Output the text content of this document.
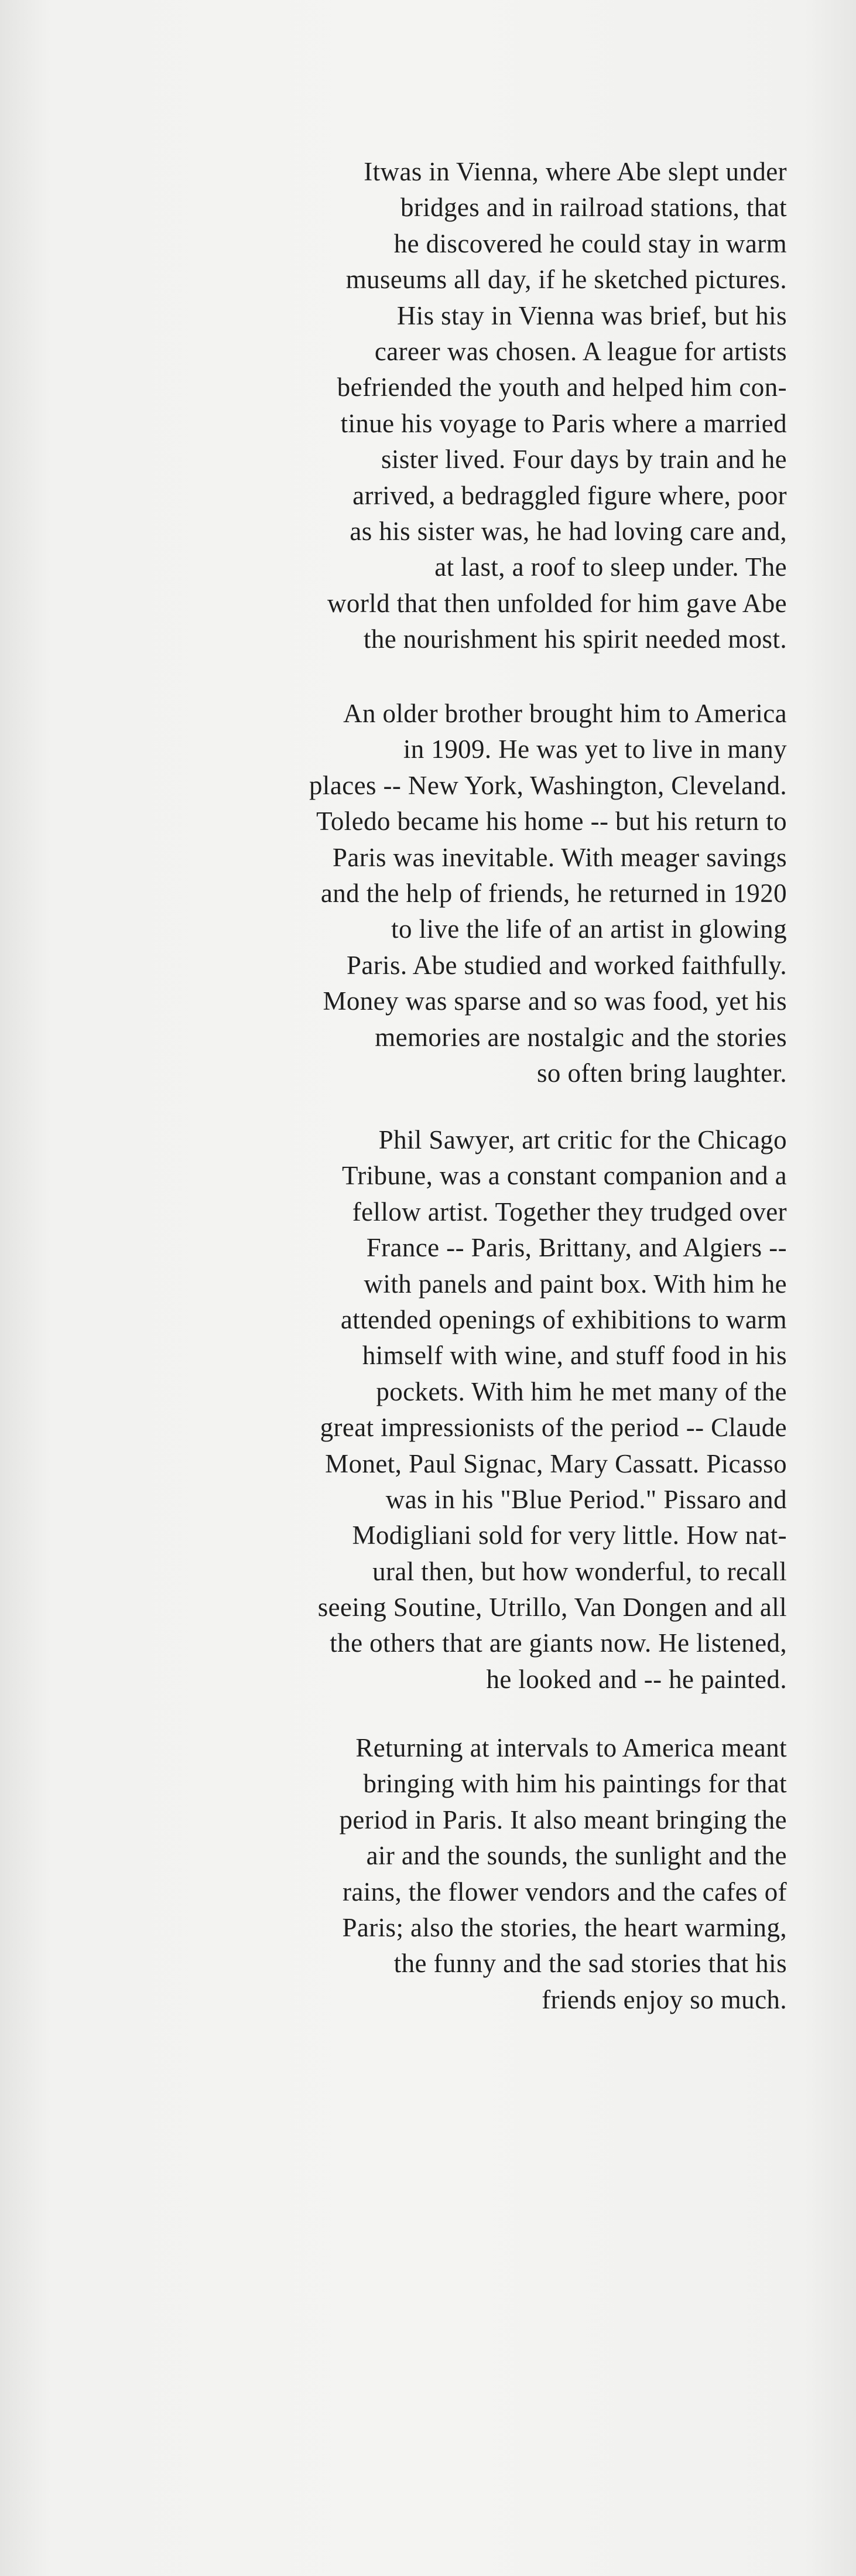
Itwas in Vienna, where Abe slept under
bridges and in railroad stations, that
he discovered he could stay in warm
museums all day, if he sketched pictures.
His stay in Vienna was brief, but his
career was chosen. A league for artists
befriended the youth and helped him con-
tinue his voyage to Paris where a married
sister lived. Four days by train and he
arrived, a bedraggled figure where, poor
as his sister was, he had loving care and,
at last, a roof to sleep under. The
world that then unfolded for him gave Abe
the nourishment his spirit needed most.

An older brother brought him to America
in 1909. He was yet to live in many
places -- New York, Washington, Cleveland.
Toledo became his home -- but his return to
Paris was inevitable. With meager savings
and the help of friends, he returned in 1920
to live the life of an artist in glowing
Paris. Abe studied and worked faithfully.
Money was sparse and so was food, yet his
memories are nostalgic and the stories
so often bring laughter.

Phil Sawyer, art critic for the Chicago
Tribune, was a constant companion and a
fellow artist. Together they trudged over
France -- Paris, Brittany, and Algiers --
with panels and paint box. With him he
attended openings of exhibitions to warm
himself with wine, and stuff food in his
pockets. With him he met many of the
great impressionists of the period -- Claude
Monet, Paul Signac, Mary Cassatt. Picasso
was in his "Blue Period." Pissaro and
Modigliani sold for very little. How nat-
ural then, but how wonderful, to recall
seeing Soutine, Utrillo, Van Dongen and all
the others that are giants now. He listened,
he looked and -- he painted.

Returning at intervals to America meant
bringing with him his paintings for that
period in Paris. It also meant bringing the
air and the sounds, the sunlight and the
rains, the flower vendors and the cafes of
Paris; also the stories, the heart warming,
the funny and the sad stories that his
friends enjoy so much.
